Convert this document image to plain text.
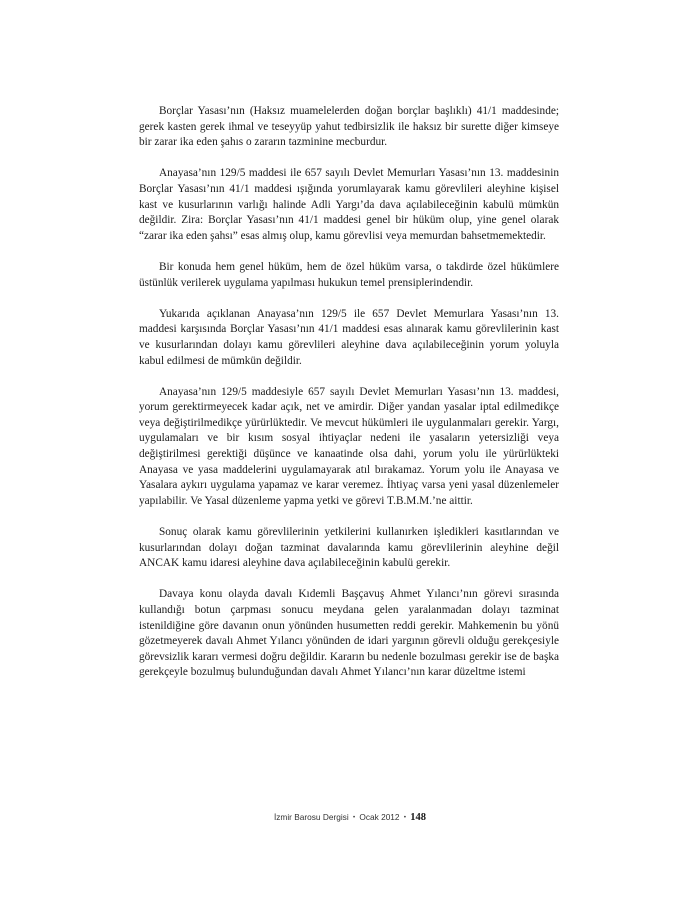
Borçlar Yasası’nın (Haksız muamelelerden doğan borçlar başlıklı) 41/1 maddesinde; gerek kasten gerek ihmal ve teseyyüp yahut tedbirsizlik ile haksız bir surette diğer kimseye bir zarar ika eden şahıs o zararın tazminine mecburdur.

Anayasa’nın 129/5 maddesi ile 657 sayılı Devlet Memurları Yasası’nın 13. maddesinin Borçlar Yasası’nın 41/1 maddesi ışığında yorumlayarak kamu görevlileri aleyhine kişisel kast ve kusurlarının varlığı halinde Adli Yargı’da dava açılabileceğinin kabulü mümkün değildir. Zira: Borçlar Yasası’nın 41/1 maddesi genel bir hüküm olup, yine genel olarak “zarar ika eden şahsı” esas almış olup, kamu görevlisi veya memurdan bahsetmemektedir.

Bir konuda hem genel hüküm, hem de özel hüküm varsa, o takdirde özel hükümlere üstünlük verilerek uygulama yapılması hukukun temel prensiplerindendir.

Yukarıda açıklanan Anayasa’nın 129/5 ile 657 Devlet Memurlara Yasası’nın 13. maddesi karşısında Borçlar Yasası’nın 41/1 maddesi esas alınarak kamu görevlilerinin kast ve kusurlarından dolayı kamu görevlileri aleyhine dava açılabileceğinin yorum yoluyla kabul edilmesi de mümkün değildir.

Anayasa’nın 129/5 maddesiyle 657 sayılı Devlet Memurları Yasası’nın 13. maddesi, yorum gerektirmeyecek kadar açık, net ve amirdir. Diğer yandan yasalar iptal edilmedikçe veya değiştirilmedikçe yürürlüktedir. Ve mevcut hükümleri ile uygulanmaları gerekir. Yargı, uygulamaları ve bir kısım sosyal ihtiyaçlar nedeni ile yasaların yetersizliği veya değiştirilmesi gerektiği düşünce ve kanaatinde olsa dahi, yorum yolu ile yürürlükteki Anayasa ve yasa maddelerini uygulamayarak atıl bırakamaz. Yorum yolu ile Anayasa ve Yasalara aykırı uygulama yapamaz ve karar veremez. İhtiyaç varsa yeni yasal düzenlemeler yapılabilir. Ve Yasal düzenleme yapma yetki ve görevi T.B.M.M.’ne aittir.

Sonuç olarak kamu görevlilerinin yetkilerini kullanırken işledikleri kasıtlarından ve kusurlarından dolayı doğan tazminat davalarında kamu görevlilerinin aleyhine değil ANCAK kamu idaresi aleyhine dava açılabileceğinin kabulü gerekir.

Davaya konu olayda davalı Kıdemli Başçavuş Ahmet Yılancı’nın görevi sırasında kullandığı botun çarpması sonucu meydana gelen yaralanmadan dolayı tazminat istenildiğine göre davanın onun yönünden husumetten reddi gerekir. Mahkemenin bu yönü gözetmeyerek davalı Ahmet Yılancı yönünden de idari yargının görevli olduğu gerekçesiyle görevsizlik kararı vermesi doğru değildir. Kararın bu nedenle bozulması gerekir ise de başka gerekçeyle bozulmuş bulunduğundan davalı Ahmet Yılancı’nın karar düzeltme istemi

İzmir Barosu Dergisi • Ocak 2012 • 148
